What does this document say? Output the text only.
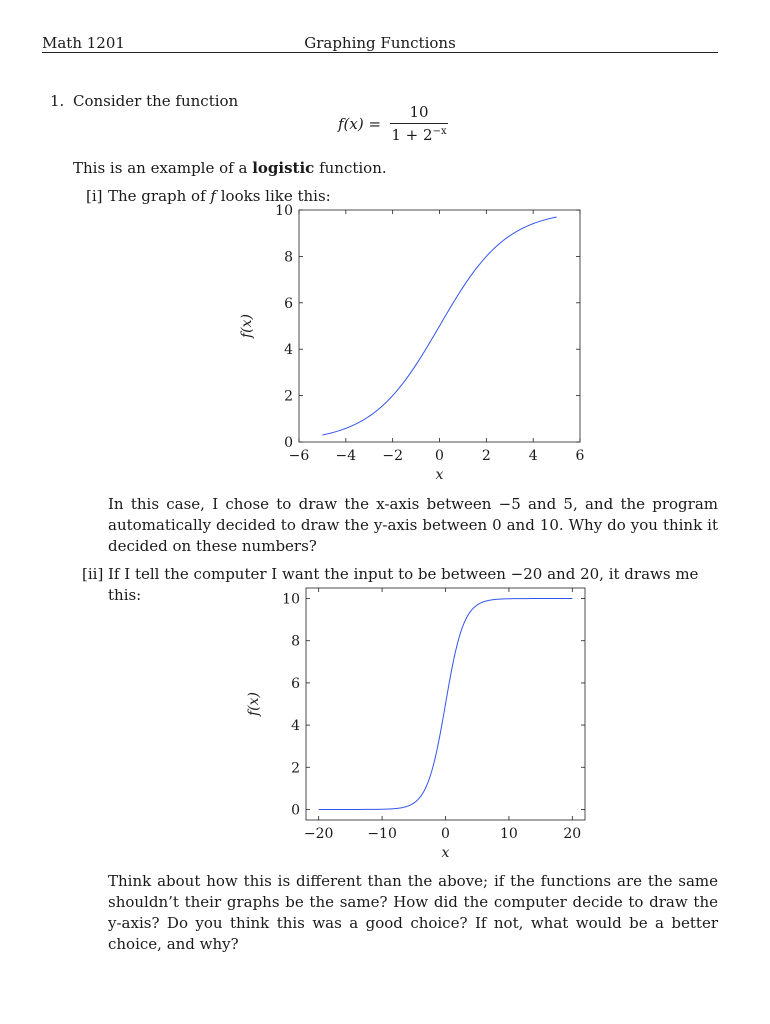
Math 1201	Graphing Functions
1. Consider the function
$f(x) = \frac{10}{1 + 2^{-x}}$
This is an example of a logistic function.
[i] The graph of f looks like this:
−6 −4 −2 0	2	4	6
0
2
4
6
8
10
x
f(x)
In this case, I chose to draw the x-axis between −5 and 5, and the program automatically decided to draw the y-axis between 0 and 10. Why do you think it decided on these numbers?
[ii] If I tell the computer I want the input to be between −20 and 20, it draws me this:
−20 −10	0	10	20
0
2
4
6
8
10
x
f(x)
Think about how this is different than the above; if the functions are the same shouldn’t their graphs be the same? How did the computer decide to draw the y-axis? Do you think this was a good choice? If not, what would be a better choice, and why?
